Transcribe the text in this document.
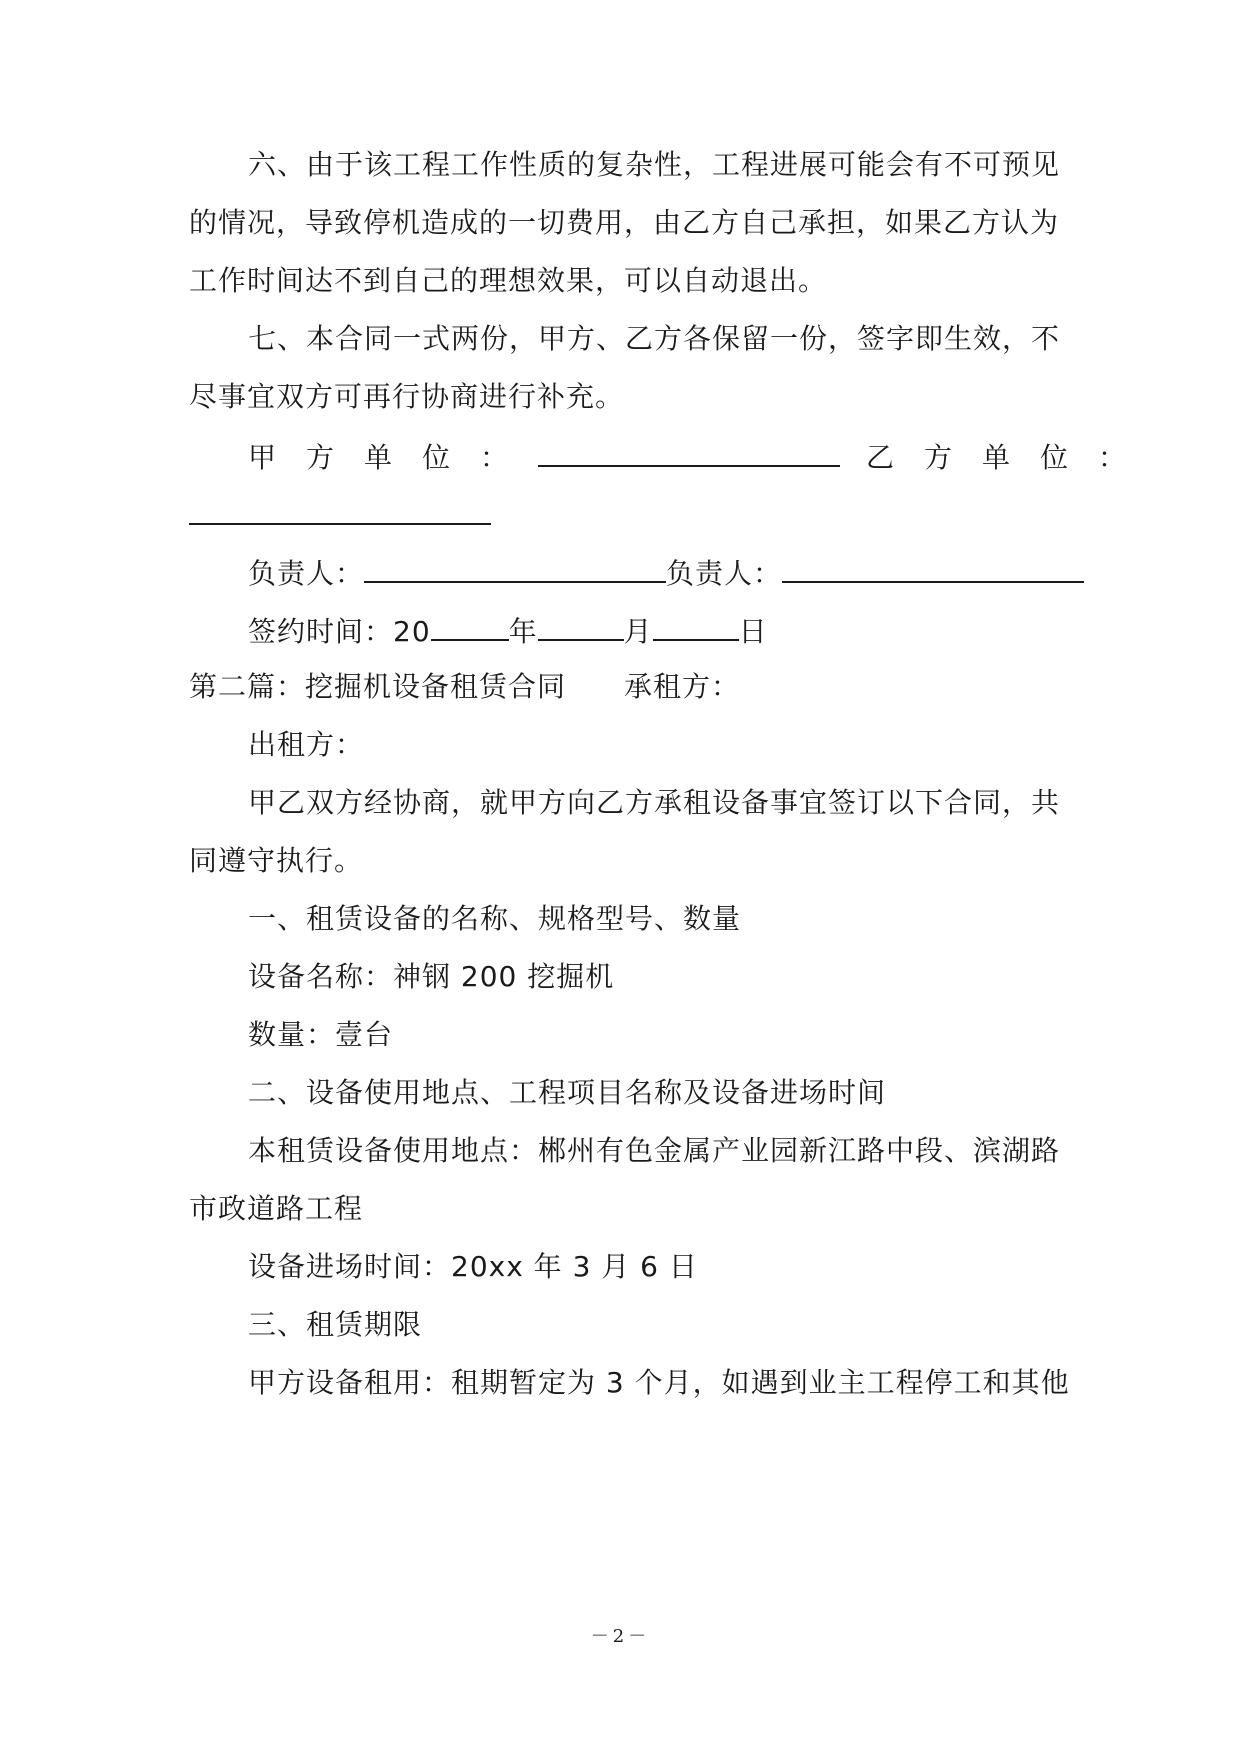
六、由于该工程工作性质的复杂性，工程进展可能会有不可预见
的情况，导致停机造成的一切费用，由乙方自己承担，如果乙方认为
工作时间达不到自己的理想效果，可以自动退出。
七、本合同一式两份，甲方、乙方各保留一份，签字即生效，不
尽事宜双方可再行协商进行补充。
甲方单位：	乙方单位：
负责人：	负责人：
签约时间：20	年	月	日
第二篇：挖掘机设备租赁合同 承租方：
出租方：
甲乙双方经协商，就甲方向乙方承租设备事宜签订以下合同，共
同遵守执行。
一、租赁设备的名称、规格型号、数量
设备名称：神钢 200 挖掘机
数量：壹台
二、设备使用地点、工程项目名称及设备进场时间
本租赁设备使用地点：郴州有色金属产业园新江路中段、滨湖路
市政道路工程
设备进场时间：20xx 年 3 月 6 日
三、租赁期限
甲方设备租用：租期暂定为 3 个月，如遇到业主工程停工和其他
－2－
